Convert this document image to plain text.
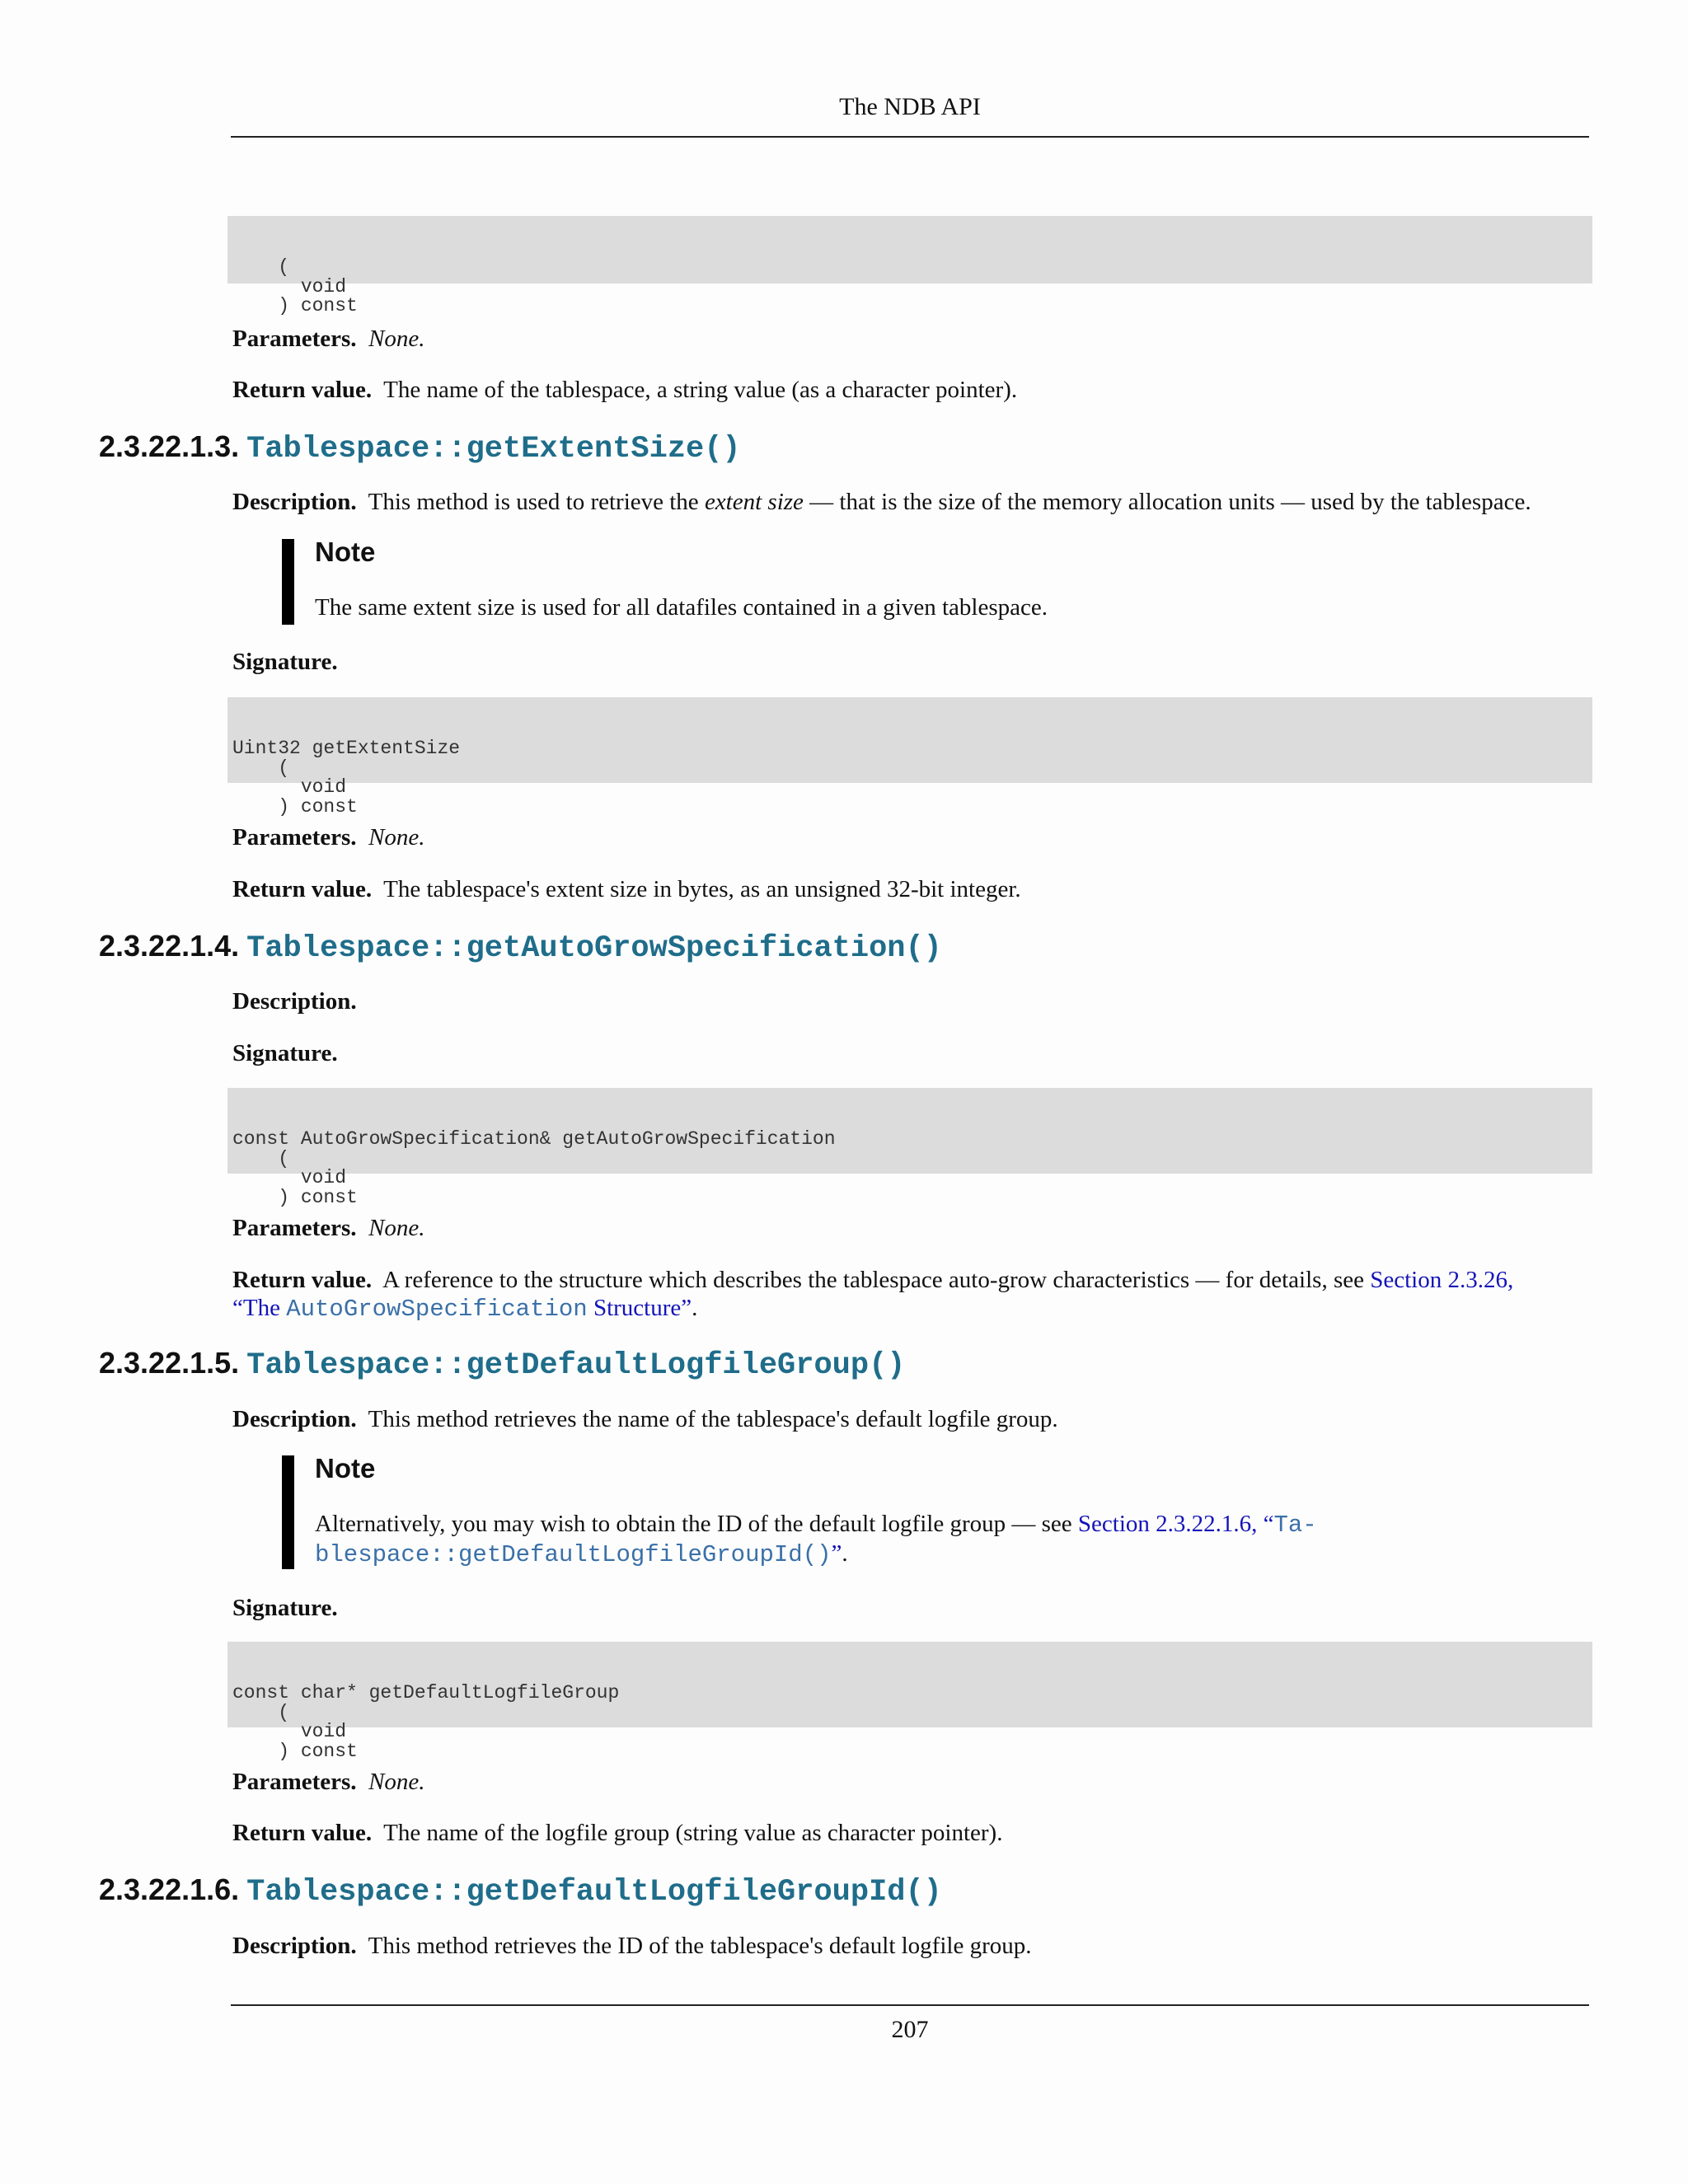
The NDB API

(
void
) const

Parameters. None.
Return value. The name of the tablespace, a string value (as a character pointer).
2.3.22.1.3. Tablespace::getExtentSize()
Description. This method is used to retrieve the extent size — that is the size of the memory allocation units — used by the tablespace.
Note
The same extent size is used for all datafiles contained in a given tablespace.
Signature.

Uint32 getExtentSize
(
void
) const

Parameters. None.
Return value. The tablespace's extent size in bytes, as an unsigned 32-bit integer.
2.3.22.1.4. Tablespace::getAutoGrowSpecification()
Description.
Signature.

const AutoGrowSpecification& getAutoGrowSpecification
(
void
) const

Parameters. None.
Return value. A reference to the structure which describes the tablespace auto-grow characteristics — for details, see Section 2.3.26,
“The AutoGrowSpecification Structure”.
2.3.22.1.5. Tablespace::getDefaultLogfileGroup()
Description. This method retrieves the name of the tablespace's default logfile group.
Note
Alternatively, you may wish to obtain the ID of the default logfile group — see Section 2.3.22.1.6, “Ta-
blespace::getDefaultLogfileGroupId()”.
Signature.

const char* getDefaultLogfileGroup
(
void
) const

Parameters. None.
Return value. The name of the logfile group (string value as character pointer).
2.3.22.1.6. Tablespace::getDefaultLogfileGroupId()
Description. This method retrieves the ID of the tablespace's default logfile group.
207
